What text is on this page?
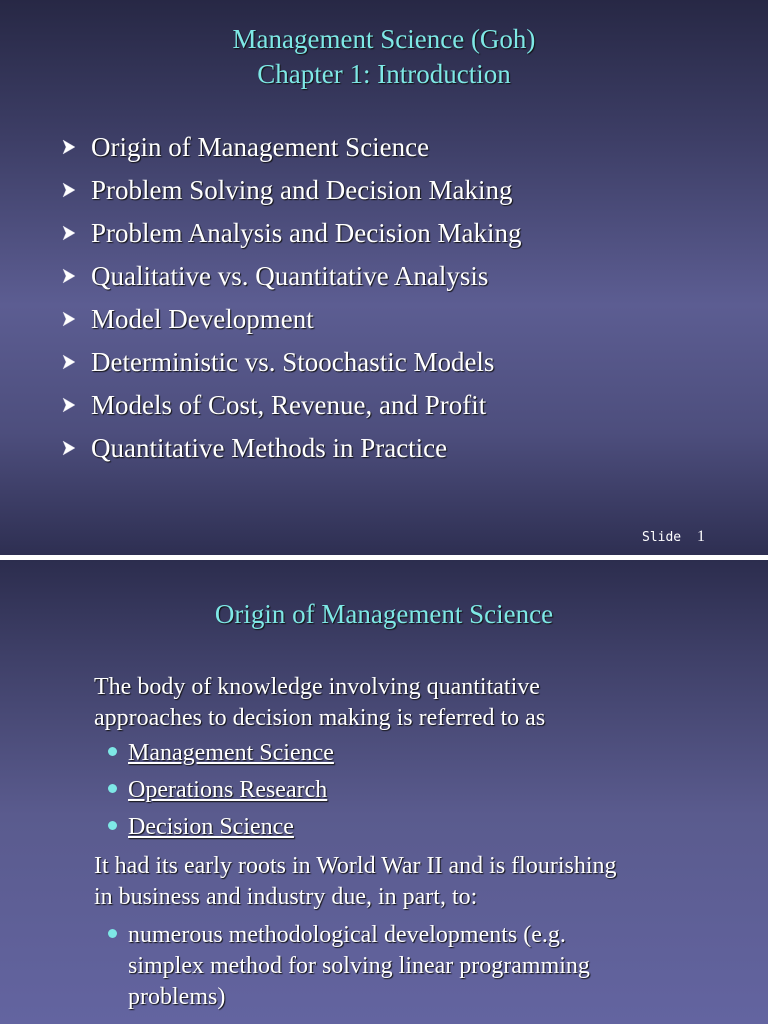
Management Science (Goh)
Chapter 1: Introduction
Origin of Management Science
Problem Solving and Decision Making
Problem Analysis and Decision Making
Qualitative vs. Quantitative Analysis
Model Development
Deterministic vs. Stoochastic Models
Models of Cost, Revenue, and Profit
Quantitative Methods in Practice
Slide 1
Origin of Management Science

The body of knowledge involving quantitative

approaches to decision making is referred to as

Management Science
Operations Research
Decision Science

It had its early roots in World War II and is flourishing

in business and industry due, in part, to:

numerous methodological developments (e.g.
simplex method for solving linear programming
problems)
